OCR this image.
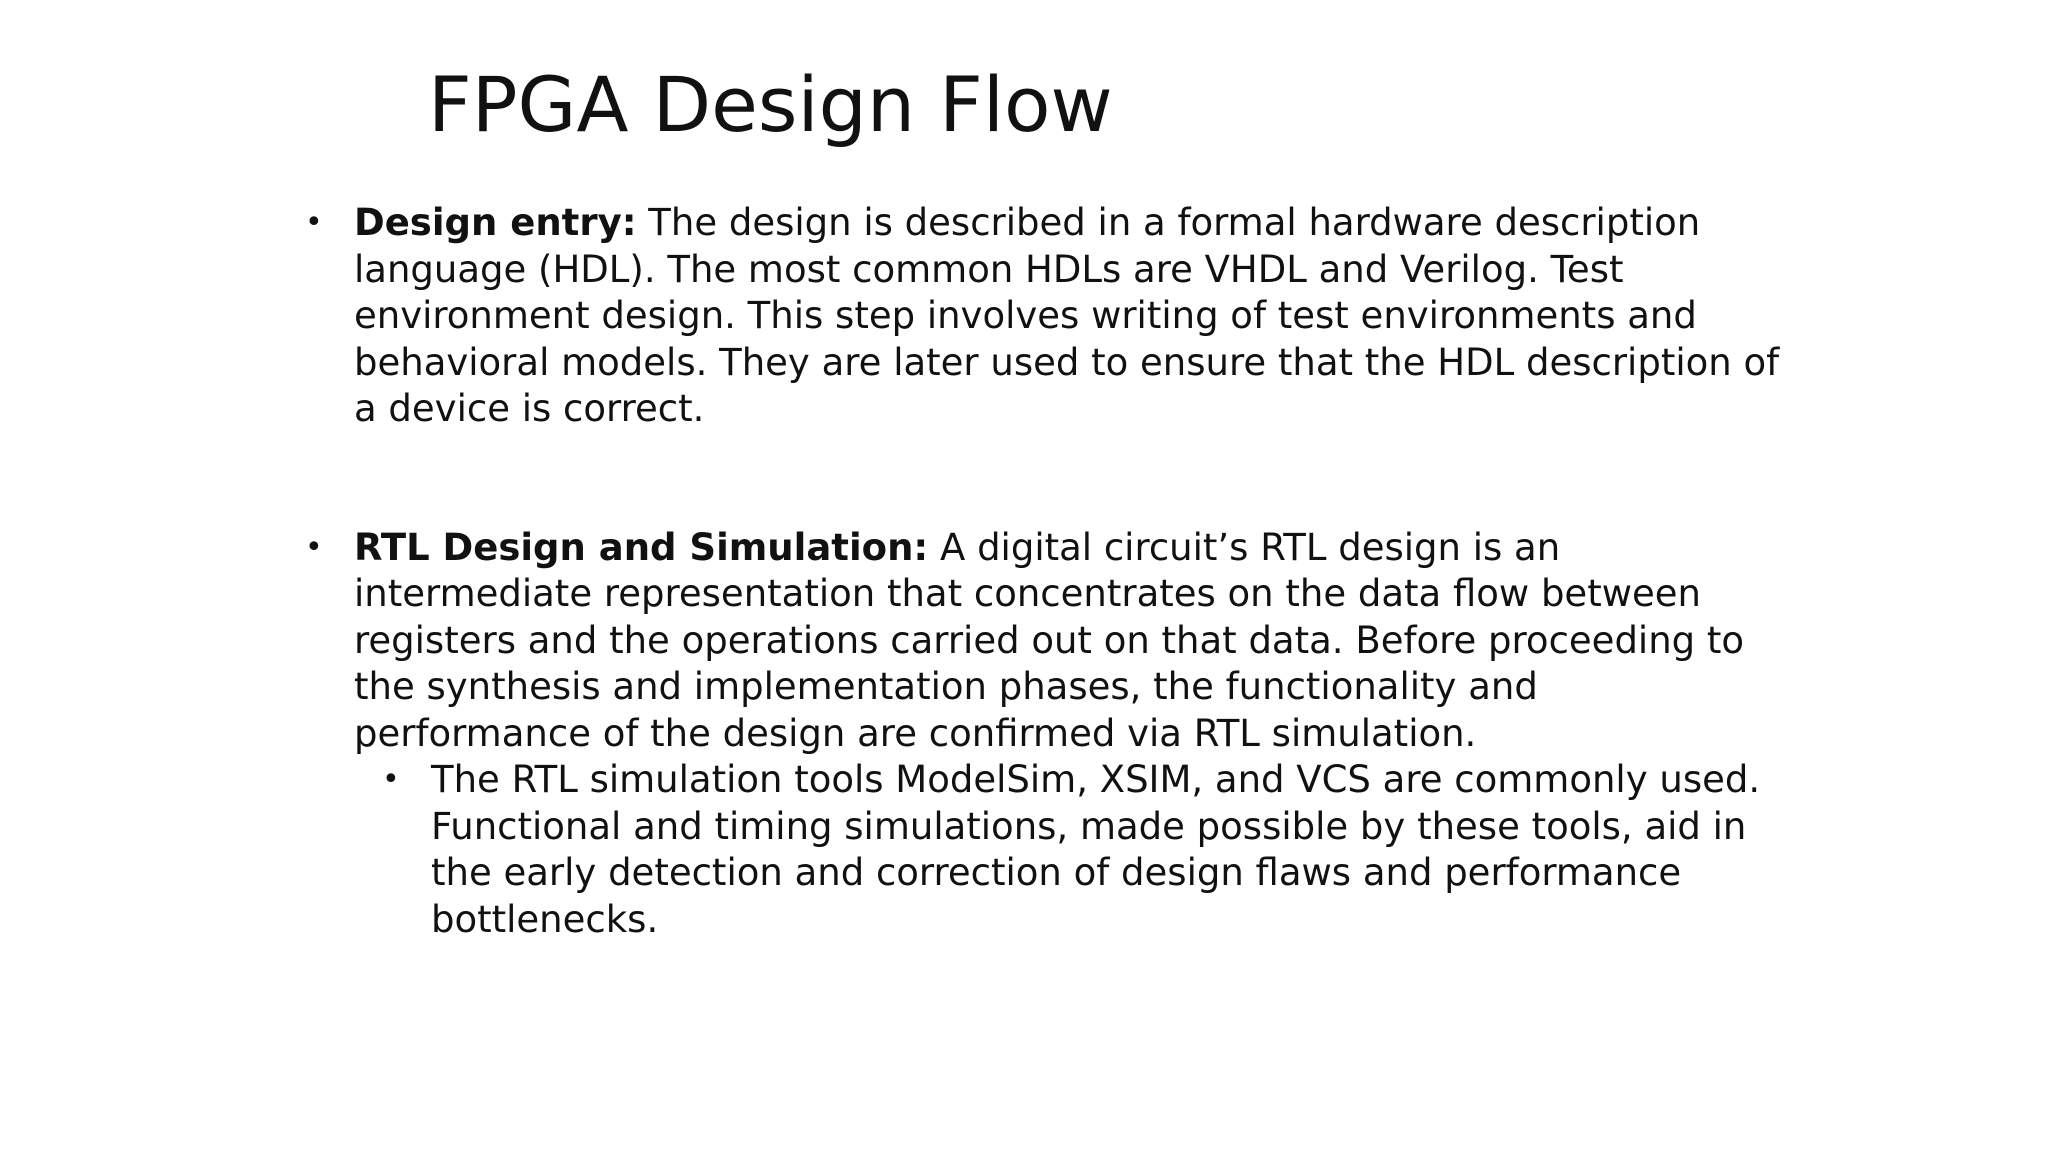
FPGA Design Flow
• Design entry: The design is described in a formal hardware description language (HDL). The most common HDLs are VHDL and Verilog. Test environment design. This step involves writing of test environments and behavioral models. They are later used to ensure that the HDL description of a device is correct.
• RTL Design and Simulation: A digital circuit’s RTL design is an intermediate representation that concentrates on the data flow between registers and the operations carried out on that data. Before proceeding to the synthesis and implementation phases, the functionality and performance of the design are confirmed via RTL simulation.
• The RTL simulation tools ModelSim, XSIM, and VCS are commonly used. Functional and timing simulations, made possible by these tools, aid in the early detection and correction of design flaws and performance bottlenecks.
